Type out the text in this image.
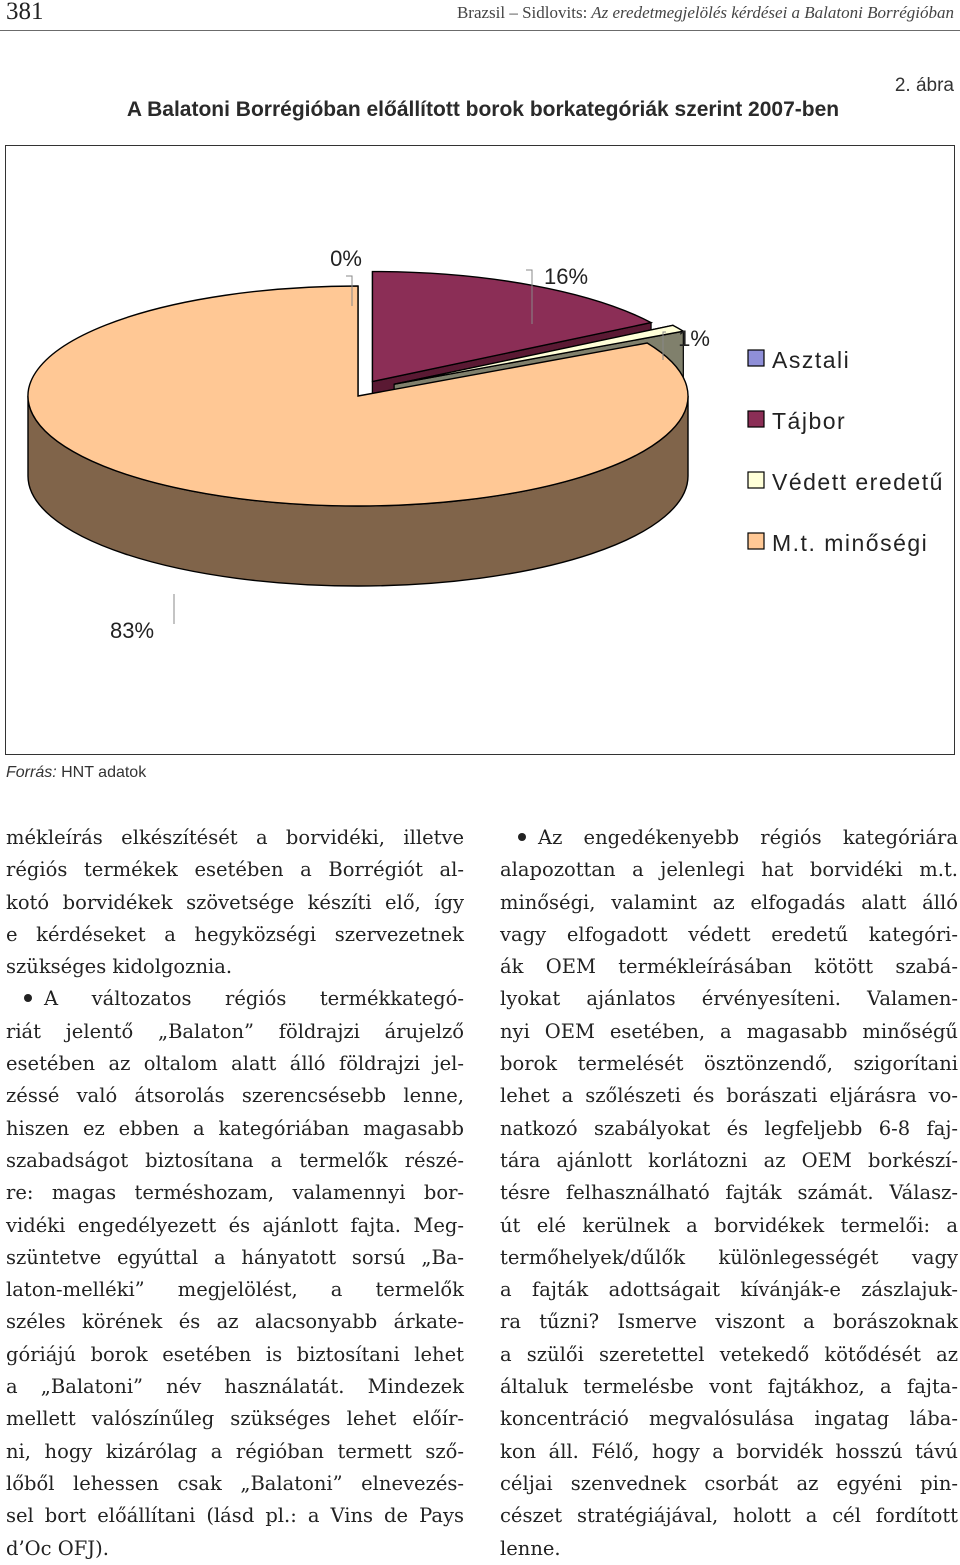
381	Brazsil – Sidlovits: Az eredetmegjelölés kérdései a Balatoni Borrégióban
2. ábra
A Balatoni Borrégióban előállított borok borkategóriák szerint 2007-ben
0%
16%
1%
83%
Asztali
Tájbor
Védett eredetű
M.t. minőségi
Forrás: HNT adatok

mékleírás elkészítését a borvidéki, illetve
régiós termékek esetében a Borrégiót al-
kotó borvidékek szövetsége készíti elő, így
e kérdéseket a hegyközségi szervezetnek
szükséges kidolgoznia.

A változatos régiós termékkategó-
riát jelentő „Balaton” földrajzi árujelző
esetében az oltalom alatt álló földrajzi jel-
zéssé való átsorolás szerencsésebb lenne,
hiszen ez ebben a kategóriában magasabb
szabadságot biztosítana a termelők részé-
re: magas terméshozam, valamennyi bor-
vidéki engedélyezett és ajánlott fajta. Meg-
szüntetve egyúttal a hányatott sorsú „Ba-
laton-melléki” megjelölést, a termelők
széles körének és az alacsonyabb árkate-
góriájú borok esetében is biztosítani lehet
a „Balatoni” név használatát. Mindezek
mellett valószínűleg szükséges lehet előír-
ni, hogy kizárólag a régióban termett sző-
lőből lehessen csak „Balatoni” elnevezés-
sel bort előállítani (lásd pl.: a Vins de Pays
d’Oc OFJ).

Az engedékenyebb régiós kategóriára
alapozottan a jelenlegi hat borvidéki m.t.
minőségi, valamint az elfogadás alatt álló
vagy elfogadott védett eredetű kategóri-
ák OEM termékleírásában kötött szabá-
lyokat ajánlatos érvényesíteni. Valamen-
nyi OEM esetében, a magasabb minőségű
borok termelését ösztönzendő, szigorítani
lehet a szőlészeti és borászati eljárásra vo-
natkozó szabályokat és legfeljebb 6-8 faj-
tára ajánlott korlátozni az OEM borkészí-
tésre felhasználható fajták számát. Válasz-
út elé kerülnek a borvidékek termelői: a
termőhelyek/dűlők különlegességét vagy
a fajták adottságait kívánják-e zászlajuk-
ra tűzni? Ismerve viszont a borászoknak
a szülői szeretettel vetekedő kötődését az
általuk termelésbe vont fajtákhoz, a fajta-
koncentráció megvalósulása ingatag lába-
kon áll. Félő, hogy a borvidék hosszú távú
céljai szenvednek csorbát az egyéni pin-
cészet stratégiájával, holott a cél fordított
lenne.
